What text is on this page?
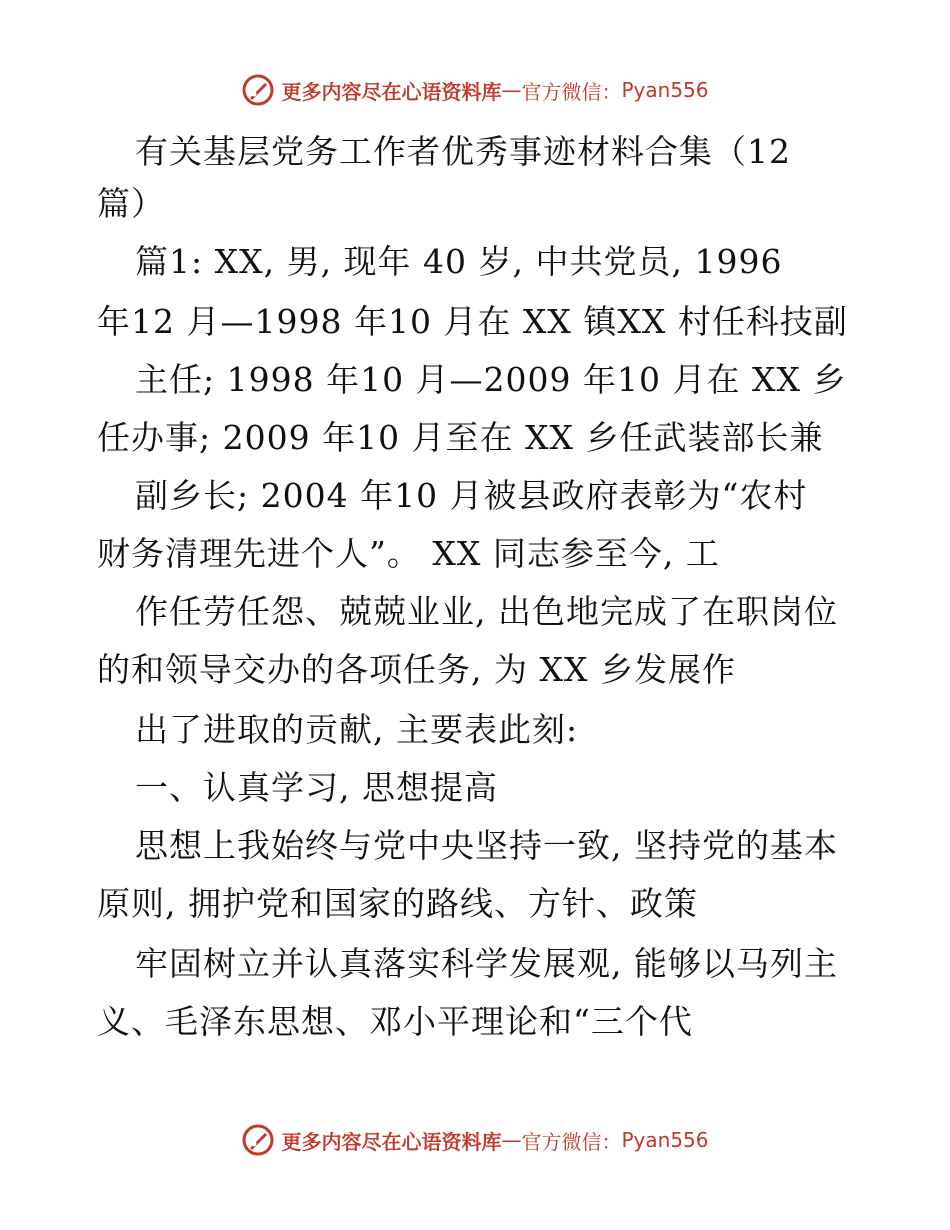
更多内容尽在心语资料库 — 官方微信： Pyan556
有关基层党务工作者优秀事迹材料合集（12
篇）
篇1: XX, 男, 现年 40 岁, 中共党员, 1996
年12 月—1998 年10 月在 XX 镇XX 村任科技副
主任; 1998 年10 月—2009 年10 月在 XX 乡
任办事; 2009 年10 月至在 XX 乡任武装部长兼
副乡长; 2004 年10 月被县政府表彰为“农村
财务清理先进个人”。 XX 同志参至今, 工
作任劳任怨、兢兢业业, 出色地完成了在职岗位
的和领导交办的各项任务, 为 XX 乡发展作
出了进取的贡献, 主要表此刻:
一、认真学习, 思想提高
思想上我始终与党中央坚持一致, 坚持党的基本
原则, 拥护党和国家的路线、方针、政策
牢固树立并认真落实科学发展观, 能够以马列主
义、毛泽东思想、邓小平理论和“三个代
更多内容尽在心语资料库 — 官方微信： Pyan556
